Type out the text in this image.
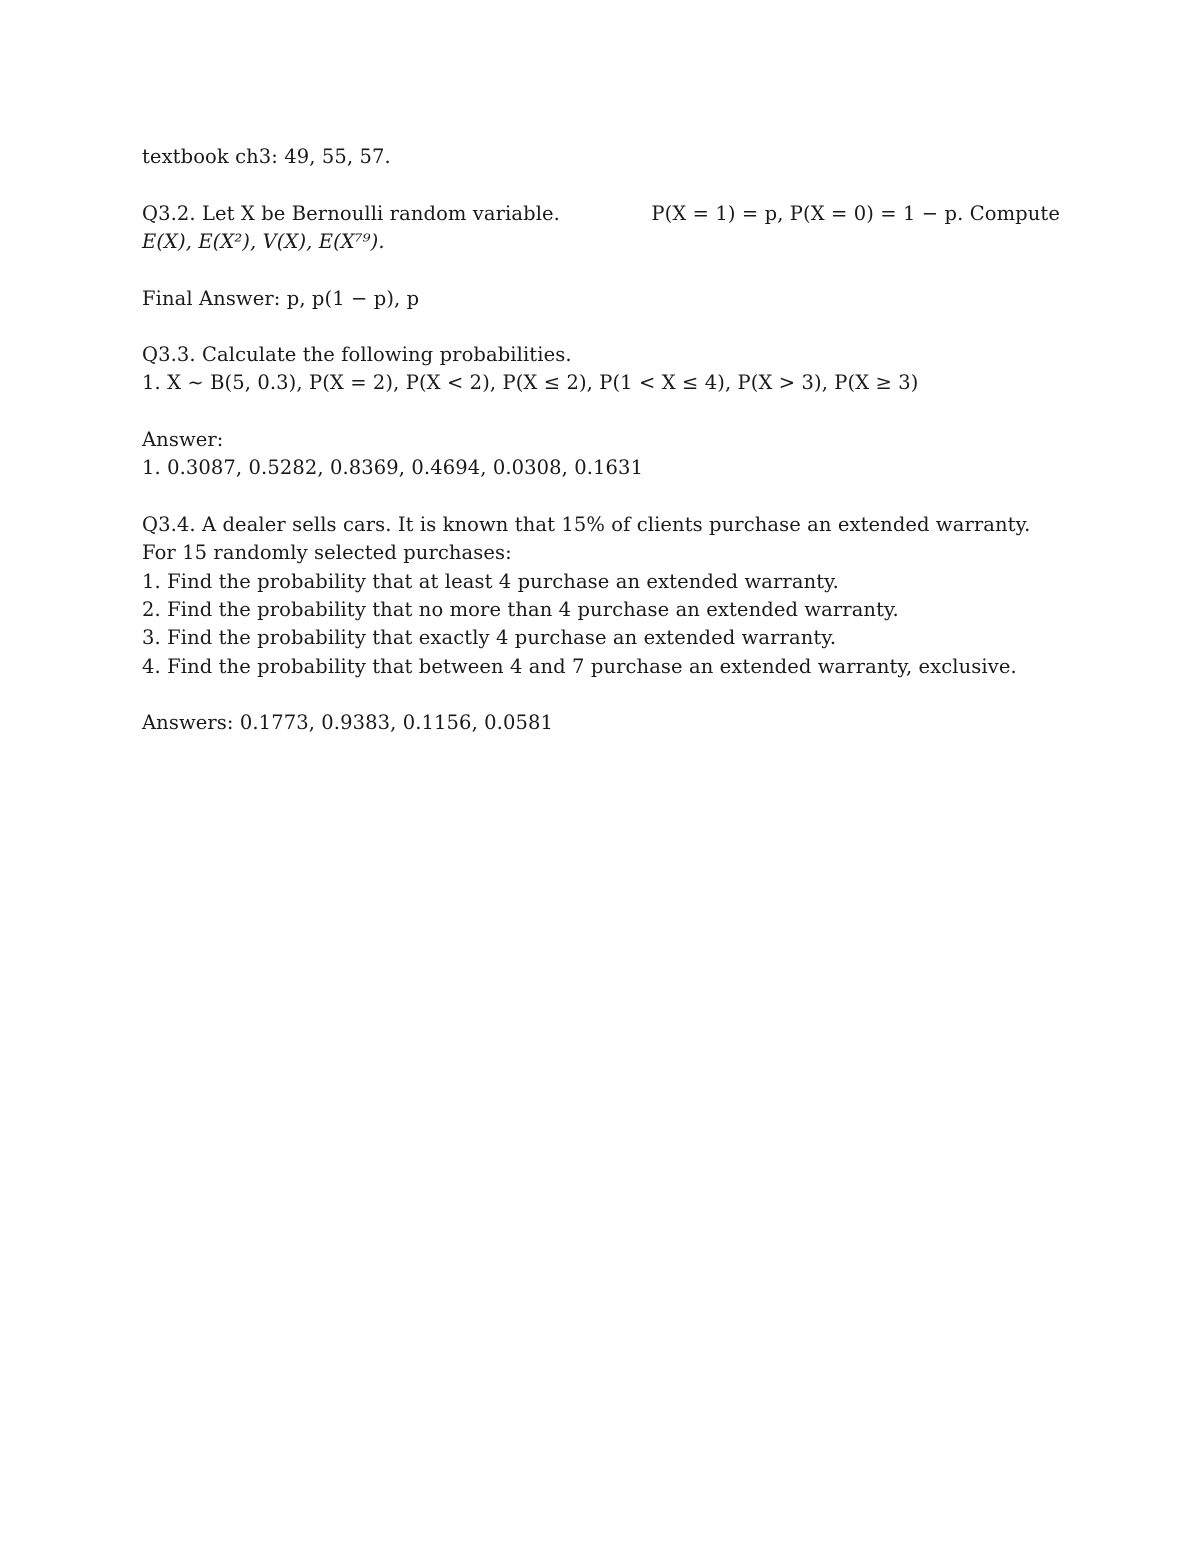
textbook ch3: 49, 55, 57.
Q3.2. Let X be Bernoulli random variable.	P(X = 1) = p, P(X = 0) = 1 − p. Compute
E(X), E(X²), V(X), E(X⁷⁹).
Final Answer: p, p(1 − p), p
Q3.3. Calculate the following probabilities.
1. X ∼ B(5, 0.3), P(X = 2), P(X < 2), P(X ≤ 2), P(1 < X ≤ 4), P(X > 3), P(X ≥ 3)
Answer:
1. 0.3087, 0.5282, 0.8369, 0.4694, 0.0308, 0.1631
Q3.4. A dealer sells cars. It is known that 15% of clients purchase an extended warranty.
For 15 randomly selected purchases:
1. Find the probability that at least 4 purchase an extended warranty.
2. Find the probability that no more than 4 purchase an extended warranty.
3. Find the probability that exactly 4 purchase an extended warranty.
4. Find the probability that between 4 and 7 purchase an extended warranty, exclusive.
Answers: 0.1773, 0.9383, 0.1156, 0.0581
